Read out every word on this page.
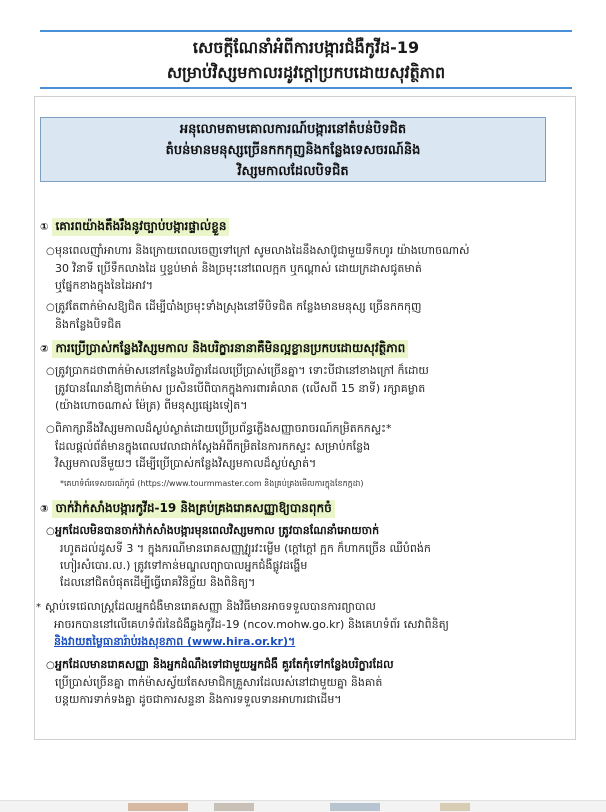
សេចក្តីណែនាំអំពីការបង្ការជំងឺកូវីដ-19
សម្រាប់វិស្សមកាលរដូវក្តៅប្រកបដោយសុវត្ថិភាព
អនុលោមតាមគោលការណ៍បង្ការនៅតំបន់បិទជិត
តំបន់មានមនុស្សច្រើនកកកុញនិងកន្លែងទេសចរណ៍និង
វិស្សមកាលដែលបិទជិត
① គោរពយ៉ាងតឹងរឹងនូវច្បាប់បង្ការផ្ទាល់ខ្លួន
○មុនពេលញ៉ាំអាហារ និងក្រោយពេលចេញទៅក្រៅ សូមលាងដៃនឹងសាប៊ូជាមួយទឹកហូរ យ៉ាងហោចណាស់
30 វិនាទី ប្រើទឹកលាងដៃ ឬខ្ទប់មាត់ និងច្រមុះនៅពេលក្អក ឬកណ្តាស់ ដោយក្រដាសជូតមាត់
ឬផ្នែកខាងក្នុងនៃដៃអាវ។
○ត្រូវតែពាក់ម៉ាសឱ្យជិត ដើម្បីបាំងច្រមុះទាំងស្រុងនៅទីបិទជិត កន្លែងមានមនុស្ស ច្រើនកកកុញ
និងកន្លែងបិទជិត
② ការប្រើប្រាស់កន្លែងវិស្សមកាល និងបរិក្ខារនានាគឺមិនល្អខ្លានប្រកបដោយសុវត្ថិភាព
○ត្រូវប្រាកដថាពាក់ម៉ាសនៅកន្លែងបរិក្ខារដែលប្រើប្រាស់ច្រើនគ្នា។ ទោះបីជានៅខាងក្រៅ ក៏ដោយ
ត្រូវបានណែនាំឱ្យពាក់ម៉ាស ប្រសិនបើពិបាកក្នុងការពារគំលាត (លើសពី 15 នាទី) រក្សាគម្លាត
(យ៉ាងហោចណាស់ ម៉ែត្រ) ពីមនុស្សផ្សេងទៀត។
○ពិភាក្សានឹងវិស្សមកាលដ៏ស្ងប់ស្ងាត់ដោយប្រើប្រព័ន្ធភ្លើងសញ្ញាចរាចរណ៍កម្រិតកកស្ទះ*
ដែលផ្តល់ព័ត៌មានក្នុងពេលវេលាជាក់ស្តែងអំពីកម្រិតនៃការកកស្ទះ សម្រាប់កន្លែង
វិស្សមកាលនីមួយៗ ដើម្បីប្រើប្រាស់កន្លែងវិស្សមកាលដ៏ស្ងប់ស្ងាត់។
*គេហទំព័រទេសចរណ៍កូរ៉េ (https://www.tourmmaster.com និងគ្រប់គ្រងមើលការក្នុងខែកក្កដា)
③ ចាក់វ៉ាក់សាំងបង្ការកូវីដ-19 និងគ្រប់គ្រងរោគសញ្ញាឱ្យបានពុកចំ
○អ្នកដែលមិនបានចាក់វ៉ាក់សាំងបង្ការមុនពេលវិស្សមកាល ត្រូវបានណែនាំអោយចាក់
រហូតដល់ដូសទី 3 ។ ក្នុងករណីមានរោគសញ្ញាវ្ឍូរវះម្លើម (ក្តៅក្តៅ ក្អក ក៏ហាកច្រើន ឈឺបំពង់ក
ហៀរសំបោរ.ល.) ត្រូវទៅកាន់មណ្ឌលព្យាបាលអ្នកជំងឺផ្លូវដង្ហើម
ដែលនៅជិតបំផុតដើម្បីធ្វើរោគវិនិច្ឆ័យ និងពិនិត្យ។
* ស្តាប់ទេជេលាស្ត្រដែលអ្នកជំងឺមានរោគសញ្ញា និងវិធីមានអាចទទួលបានការព្យាបាល
អាចរកបាននៅលើគេហទំព័រនៃជំងឺឆ្លងកូវីដ-19 (ncov.mohw.go.kr) និងគេហទំព័រ សេវាពិនិត្យ
និងវាយតម្លៃធានារ៉ាប់រងសុខភាព (www.hira.or.kr)។
○អ្នកដែលមានរោគសញ្ញា និងអ្នកដំណឹងទៅជាមួយអ្នកជំងឺ គួរតែកុំទៅកន្លែងបរិក្ខារដែល
ប្រើប្រាស់ច្រើនគ្នា ពាក់ម៉ាសស្វ័យតែសមាជិកគ្រួសារដែលរស់នៅជាមួយគ្នា និងគាត់
បន្តយការទាក់ទងគ្នា ដូចជាការសន្ទនា និងការទទួលទានអាហារជាដើម។
